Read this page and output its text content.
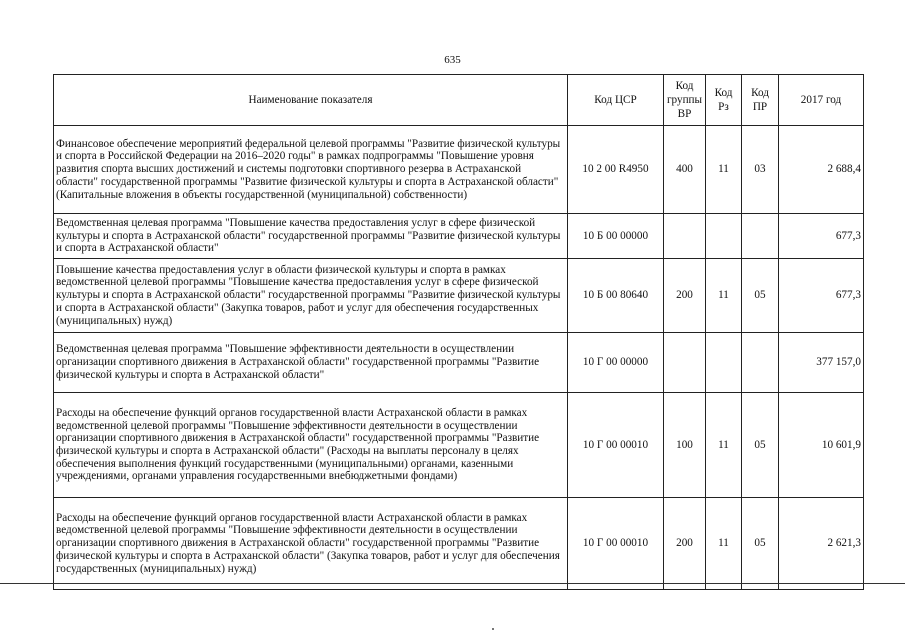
635
Наименование показателя	Код ЦСР	Код группы ВР	Код Рз	Код ПР	2017 год
Финансовое обеспечение мероприятий федеральной целевой программы "Развитие физической культуры и спорта в Российской Федерации на 2016–2020 годы" в рамках подпрограммы "Повышение уровня развития спорта высших достижений и системы подготовки спортивного резерва в Астраханской области" государственной программы "Развитие физической культуры и спорта в Астраханской области" (Капитальные вложения в объекты государственной (муниципальной) собственности)	10 2 00 R4950	400	11	03	2 688,4
Ведомственная целевая программа "Повышение качества предоставления услуг в сфере физической культуры и спорта в Астраханской области" государственной программы "Развитие физической культуры и спорта в Астраханской области"	10 Б 00 00000				677,3
Повышение качества предоставления услуг в области физической культуры и спорта в рамках ведомственной целевой программы "Повышение качества предоставления услуг в сфере физической культуры и спорта в Астраханской области" государственной программы "Развитие физической культуры и спорта в Астраханской области" (Закупка товаров, работ и услуг для обеспечения государственных (муниципальных) нужд)	10 Б 00 80640	200	11	05	677,3
Ведомственная целевая программа "Повышение эффективности деятельности в осуществлении организации спортивного движения в Астраханской области" государственной программы "Развитие физической культуры и спорта в Астраханской области"	10 Г 00 00000				377 157,0
Расходы на обеспечение функций органов государственной власти Астраханской области в рамках ведомственной целевой программы "Повышение эффективности деятельности в осуществлении организации спортивного движения в Астраханской области" государственной программы "Развитие физической культуры и спорта в Астраханской области" (Расходы на выплаты персоналу в целях обеспечения выполнения функций государственными (муниципальными) органами, казенными учреждениями, органами управления государственными внебюджетными фондами)	10 Г 00 00010	100	11	05	10 601,9
Расходы на обеспечение функций органов государственной власти Астраханской области в рамках ведомственной целевой программы "Повышение эффективности деятельности в осуществлении организации спортивного движения в Астраханской области" государственной программы "Развитие физической культуры и спорта в Астраханской области" (Закупка товаров, работ и услуг для обеспечения государственных (муниципальных) нужд)	10 Г 00 00010	200	11	05	2 621,3
